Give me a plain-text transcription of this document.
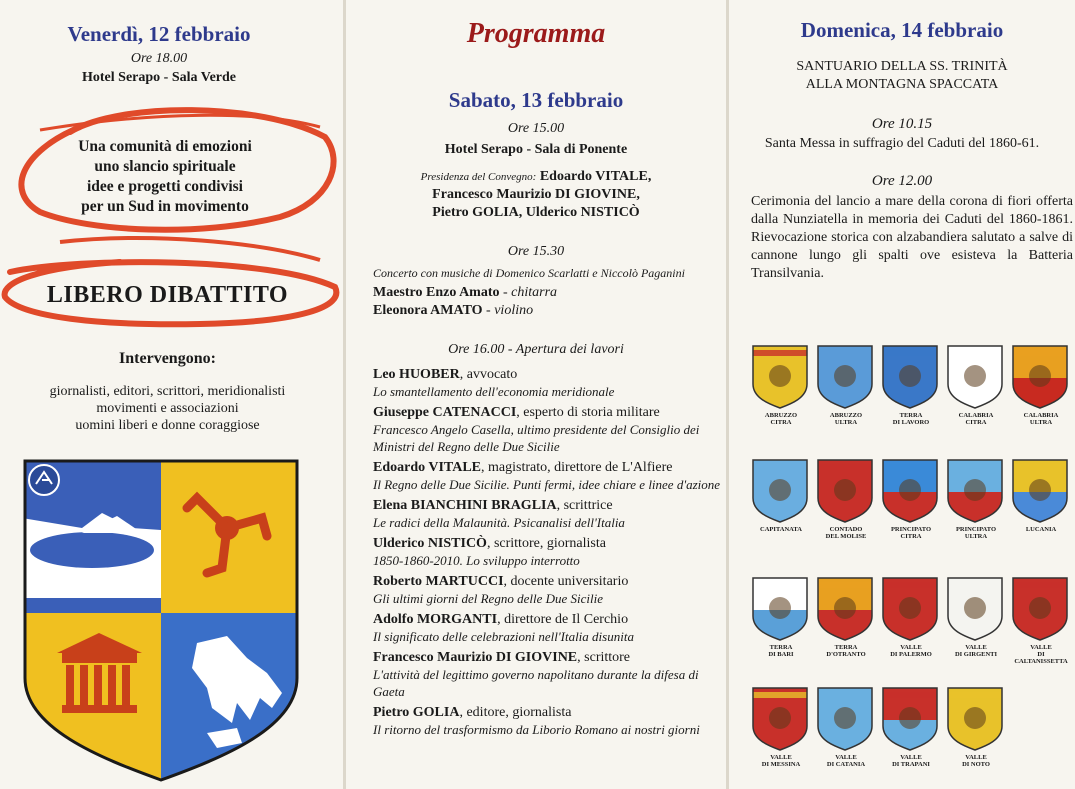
Venerdì, 12 febbraio
Ore 18.00
Hotel Serapo - Sala Verde
Una comunità di emozioni
uno slancio spirituale
idee e progetti condivisi
per un Sud in movimento
LIBERO DIBATTITO
Intervengono:
giornalisti, editori, scrittori, meridionalisti
movimenti e associazioni
uomini liberi e donne coraggiose
Programma
Sabato, 13 febbraio
Ore 15.00
Hotel Serapo - Sala di Ponente
Presidenza del Convegno: Edoardo VITALE,
Francesco Maurizio DI GIOVINE,
Pietro GOLIA, Ulderico NISTICÒ
Ore 15.30
Concerto con musiche di Domenico Scarlatti e Niccolò Paganini
Maestro Enzo Amato - chitarra
Eleonora AMATO - violino
Ore 16.00 - Apertura dei lavori
Leo HUOBER, avvocato
Lo smantellamento dell'economia meridionale
Giuseppe CATENACCI, esperto di storia militare
Francesco Angelo Casella, ultimo presidente del Consiglio dei Ministri del Regno delle Due Sicilie
Edoardo VITALE, magistrato, direttore de L'Alfiere
Il Regno delle Due Sicilie. Punti fermi, idee chiare e linee d'azione
Elena BIANCHINI BRAGLIA, scrittrice
Le radici della Malaunità. Psicanalisi dell'Italia
Ulderico NISTICÒ, scrittore, giornalista
1850-1860-2010. Lo sviluppo interrotto
Roberto MARTUCCI, docente universitario
Gli ultimi giorni del Regno delle Due Sicilie
Adolfo MORGANTI, direttore de Il Cerchio
Il significato delle celebrazioni nell'Italia disunita
Francesco Maurizio DI GIOVINE, scrittore
L'attività del legittimo governo napolitano durante la difesa di Gaeta
Pietro GOLIA, editore, giornalista
Il ritorno del trasformismo da Liborio Romano ai nostri giorni
Domenica, 14 febbraio
SANTUARIO DELLA SS. TRINITÀ
ALLA MONTAGNA SPACCATA
Ore 10.15
Santa Messa in suffragio del Caduti del 1860-61.
Ore 12.00
Cerimonia del lancio a mare della corona di fiori offerta dalla Nunziatella in memoria dei Caduti del 1860-1861. Rievocazione storica con alzabandiera salutato a salve di cannone lungo gli spalti ove esisteva la Batteria Transilvania.
ABRUZZO
CITRA
ABRUZZO
ULTRA
TERRA
DI LAVORO
CALABRIA
CITRA
CALABRIA
ULTRA
CAPITANATA	CONTADO
DEL MOLISE
PRINCIPATO
CITRA
PRINCIPATO
ULTRA
LUCANIA
TERRA
DI BARI
TERRA
D'OTRANTO
VALLE
DI PALERMO
VALLE
DI GIRGENTI
VALLE
DI CALTANISSETTA
VALLE
DI MESSINA
VALLE
DI CATANIA
VALLE
DI TRAPANI
VALLE
DI NOTO
